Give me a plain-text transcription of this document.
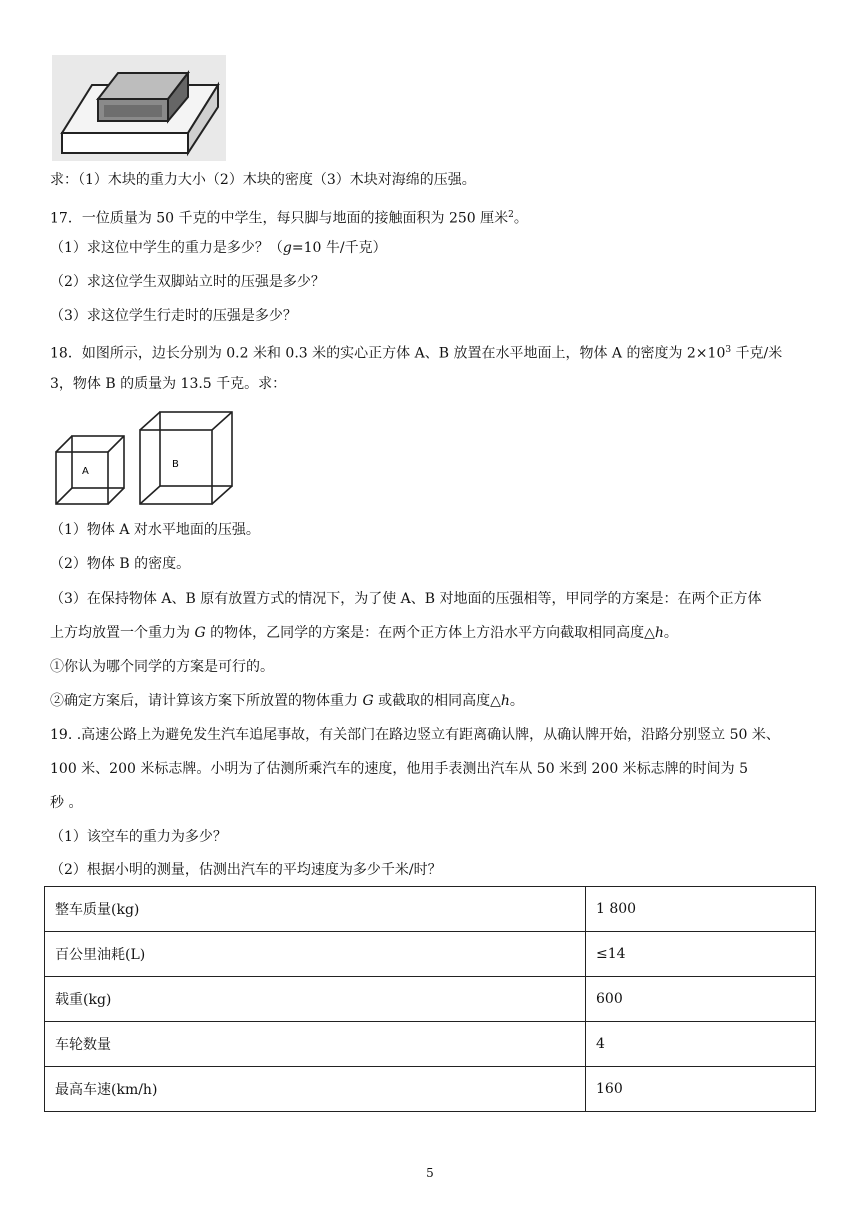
求：（1）木块的重力大小（2）木块的密度（3）木块对海绵的压强。
17．一位质量为 50 千克的中学生，每只脚与地面的接触面积为 250 厘米$^2$。
（1）求这位中学生的重力是多少？（g=10 牛/千克）
（2）求这位学生双脚站立时的压强是多少？
（3）求这位学生行走时的压强是多少？
18．如图所示，边长分别为 0.2 米和 0.3 米的实心正方体 A、B 放置在水平地面上，物体 A 的密度为 $2\times 10^3$ 千克/米
3，物体 B 的质量为 13.5 千克。求：
A
B
（1）物体 A 对水平地面的压强。
（2）物体 B 的密度。
（3）在保持物体 A、B 原有放置方式的情况下，为了使 A、B 对地面的压强相等，甲同学的方案是：在两个正方体
上方均放置一个重力为 G 的物体，乙同学的方案是：在两个正方体上方沿水平方向截取相同高度△h。
①你认为哪个同学的方案是可行的。
②确定方案后，请计算该方案下所放置的物体重力 G 或截取的相同高度△h。
19. .高速公路上为避免发生汽车追尾事故，有关部门在路边竖立有距离确认牌，从确认牌开始，沿路分别竖立 50 米、
100 米、200 米标志牌。小明为了估测所乘汽车的速度，他用手表测出汽车从 50 米到 200 米标志牌的时间为 5
秒 。
（1）该空车的重力为多少？
（2）根据小明的测量，估测出汽车的平均速度为多少千米/时？
整车质量(kg)	1 800
百公里油耗(L)	≤14
载重(kg)	600
车轮数量	4
最高车速(km/h)	160
5
